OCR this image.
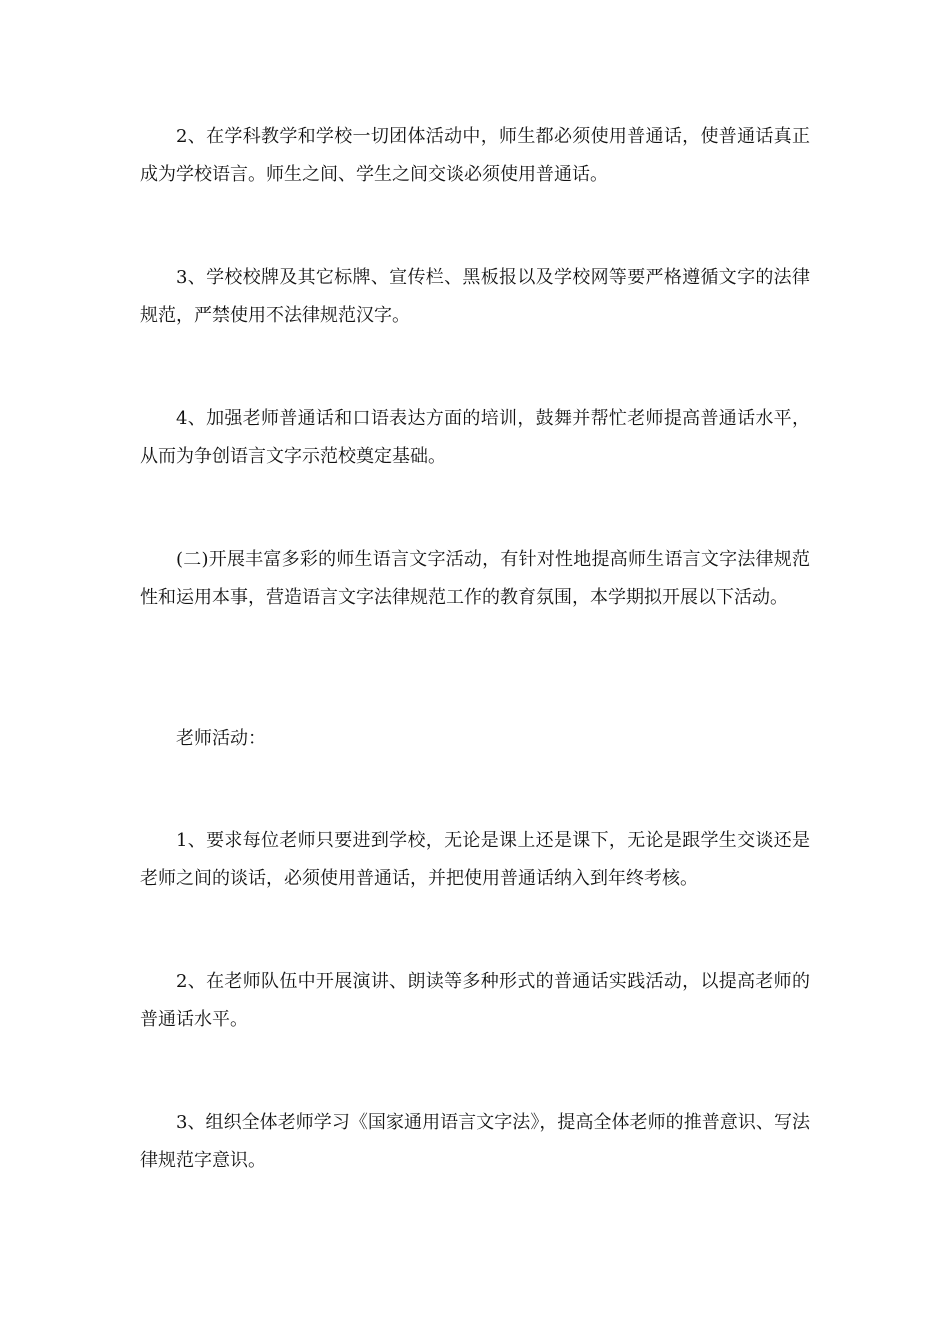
2、在学科教学和学校一切团体活动中，师生都必须使用普通话，使普通话真正成为学校语言。师生之间、学生之间交谈必须使用普通话。

3、学校校牌及其它标牌、宣传栏、黑板报以及学校网等要严格遵循文字的法律规范，严禁使用不法律规范汉字。

4、加强老师普通话和口语表达方面的培训，鼓舞并帮忙老师提高普通话水平，从而为争创语言文字示范校奠定基础。

(二)开展丰富多彩的师生语言文字活动，有针对性地提高师生语言文字法律规范性和运用本事，营造语言文字法律规范工作的教育氛围，本学期拟开展以下活动。

老师活动：

1、要求每位老师只要进到学校，无论是课上还是课下，无论是跟学生交谈还是老师之间的谈话，必须使用普通话，并把使用普通话纳入到年终考核。

2、在老师队伍中开展演讲、朗读等多种形式的普通话实践活动，以提高老师的普通话水平。

3、组织全体老师学习《国家通用语言文字法》，提高全体老师的推普意识、写法律规范字意识。
